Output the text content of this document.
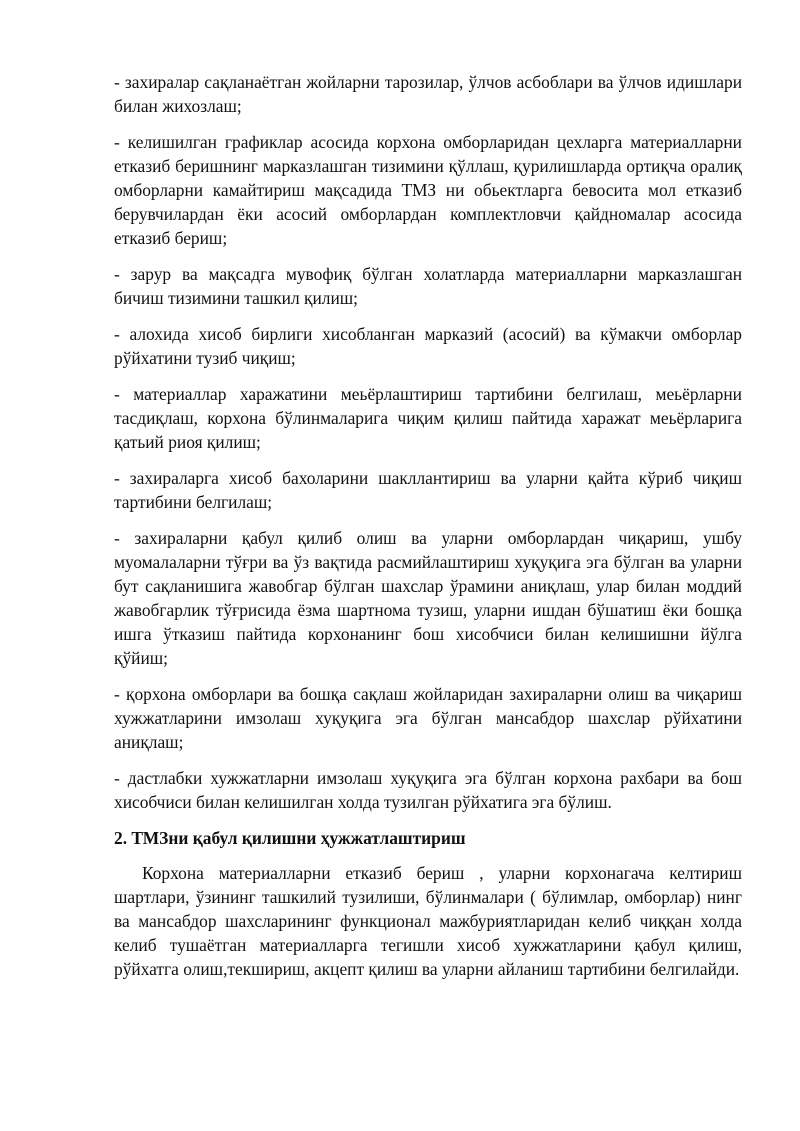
- захиралар сақланаётган жойларни тарозилар, ўлчов асбоблари ва ўлчов идишлари билан жихозлаш;

- келишилган графиклар асосида корхона омборларидан цехларга материалларни етказиб беришнинг марказлашган тизимини қўллаш, қурилишларда ортиқча оралиқ омборларни камайтириш мақсадида ТМЗ ни обьектларга бевосита мол етказиб берувчилардан ёки асосий омборлардан комплектловчи қайдномалар асосида етказиб бериш;

- зарур ва мақсадга мувофиқ бўлган холатларда материалларни марказлашган бичиш тизимини ташкил қилиш;

- алохида хисоб бирлиги хисобланган марказий (асосий) ва кўмакчи омборлар рўйхатини тузиб чиқиш;

- материаллар харажатини меьёрлаштириш тартибини белгилаш, меьёрларни тасдиқлаш, корхона бўлинмаларига чиқим қилиш пайтида харажат меьёрларига қатьий риоя қилиш;

- захираларга хисоб бахоларини шакллантириш ва уларни қайта кўриб чиқиш тартибини белгилаш;

- захираларни қабул қилиб олиш ва уларни омборлардан чиқариш, ушбу муомалаларни тўғри ва ўз вақтида расмийлаштириш хуқуқига эга бўлган ва уларни бут сақланишига жавобгар бўлган шахслар ўрамини аниқлаш, улар билан моддий жавобгарлик тўғрисида ёзма шартнома тузиш, уларни ишдан бўшатиш ёки бошқа ишга ўтказиш пайтида корхонанинг бош хисобчиси билан келишишни йўлга қўйиш;

- қорхона омборлари ва бошқа сақлаш жойларидан захираларни олиш ва чиқариш хужжатларини имзолаш хуқуқига эга бўлган мансабдор шахслар рўйхатини аниқлаш;

- дастлабки хужжатларни имзолаш хуқуқига эга бўлган корхона рахбари ва бош хисобчиси билан келишилган холда тузилган рўйхатига эга бўлиш.

2. ТМЗни қабул қилишни ҳужжатлаштириш

Корхона материалларни етказиб бериш , уларни корхонагача келтириш шартлари, ўзининг ташкилий тузилиши, бўлинмалари ( бўлимлар, омборлар) нинг ва мансабдор шахсларининг функционал мажбуриятларидан келиб чиққан холда келиб тушаётган материалларга тегишли хисоб хужжатларини қабул қилиш, рўйхатга олиш,текшириш, акцепт қилиш ва уларни айланиш тартибини белгилайди.
